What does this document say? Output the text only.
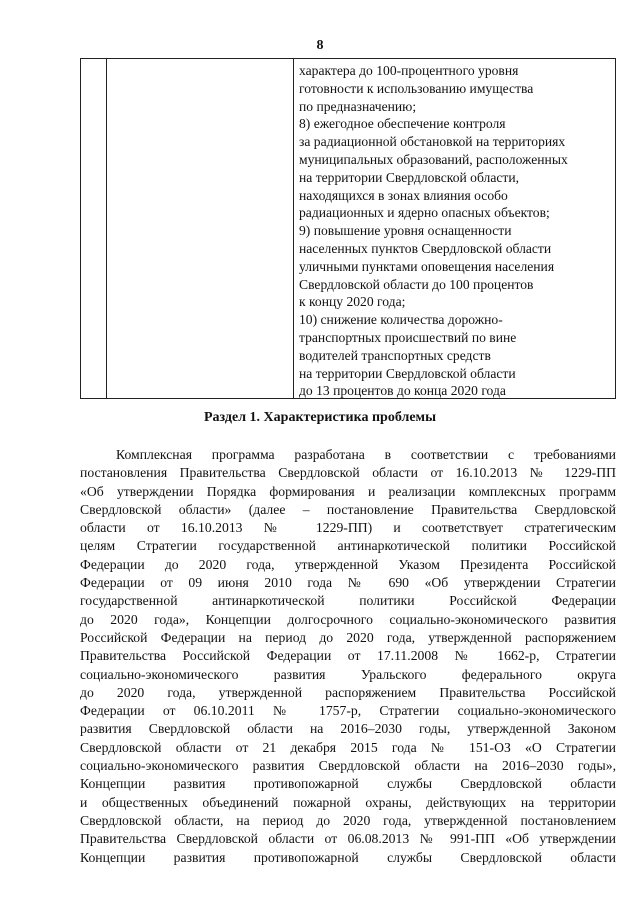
8
характера до 100-процентного уровня
готовности к использованию имущества
по предназначению;
8) ежегодное обеспечение контроля
за радиационной обстановкой на территориях
муниципальных образований, расположенных
на территории Свердловской области,
находящихся в зонах влияния особо
радиационных и ядерно опасных объектов;
9) повышение уровня оснащенности
населенных пунктов Свердловской области
уличными пунктами оповещения населения
Свердловской области до 100 процентов
к концу 2020 года;
10) снижение количества дорожно-
транспортных происшествий по вине
водителей транспортных средств
на территории Свердловской области
до 13 процентов до конца 2020 года
Раздел 1. Характеристика проблемы
Комплексная программа разработана в соответствии с требованиями
постановления Правительства Свердловской области от 16.10.2013 № 1229-ПП
«Об утверждении Порядка формирования и реализации комплексных программ
Свердловской области» (далее – постановление Правительства Свердловской
области от 16.10.2013 № 1229-ПП) и соответствует стратегическим
целям Стратегии государственной антинаркотической политики Российской
Федерации до 2020 года, утвержденной Указом Президента Российской
Федерации от 09 июня 2010 года № 690 «Об утверждении Стратегии
государственной антинаркотической политики Российской Федерации
до 2020 года», Концепции долгосрочного социально-экономического развития
Российской Федерации на период до 2020 года, утвержденной распоряжением
Правительства Российской Федерации от 17.11.2008 № 1662-р, Стратегии
социально-экономического развития Уральского федерального округа
до 2020 года, утвержденной распоряжением Правительства Российской
Федерации от 06.10.2011 № 1757-р, Стратегии социально-экономического
развития Свердловской области на 2016–2030 годы, утвержденной Законом
Свердловской области от 21 декабря 2015 года № 151-ОЗ «О Стратегии
социально-экономического развития Свердловской области на 2016–2030 годы»,
Концепции развития противопожарной службы Свердловской области
и общественных объединений пожарной охраны, действующих на территории
Свердловской области, на период до 2020 года, утвержденной постановлением
Правительства Свердловской области от 06.08.2013 № 991-ПП «Об утверждении
Концепции развития противопожарной службы Свердловской области
